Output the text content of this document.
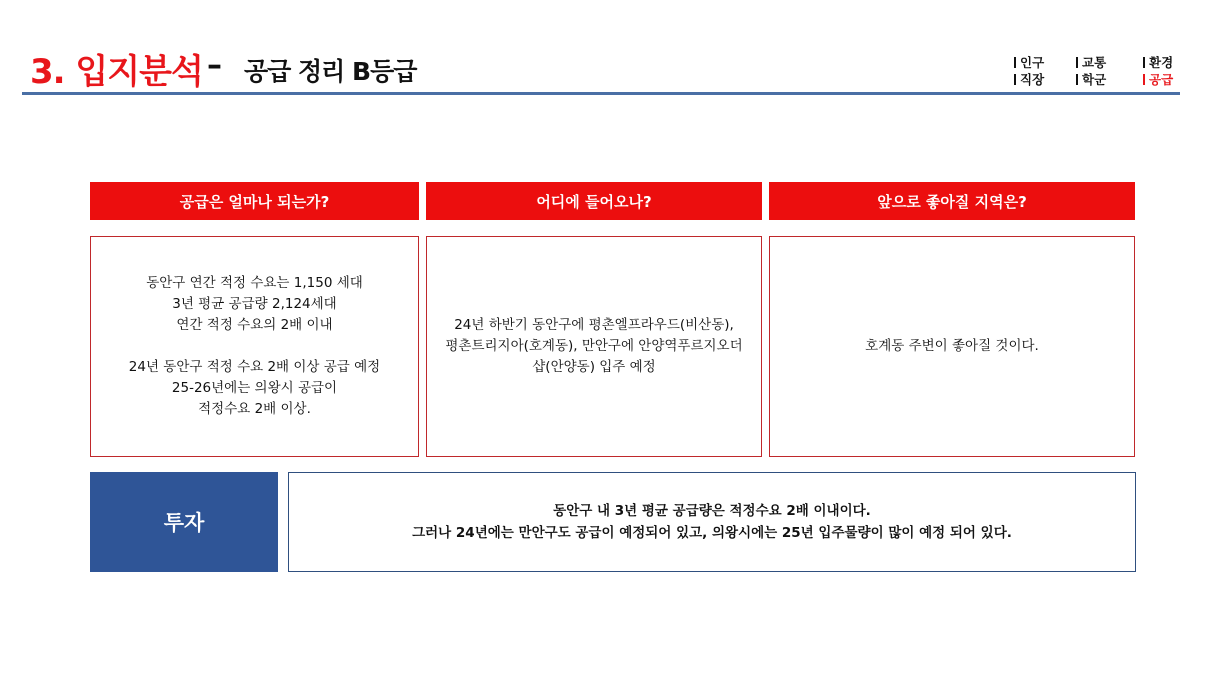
3. 입지분석 – 공급 정리 B등급	인구
직장
교통
학군
환경
공급
공급은 얼마나 되는가?	어디에 들어오나?	앞으로 좋아질 지역은?
동안구 연간 적정 수요는 1,150 세대
3년 평균 공급량 2,124세대
연간 적정 수요의 2배 이내
24년 동안구 적정 수요 2배 이상 공급 예정
25-26년에는 의왕시 공급이
적정수요 2배 이상.
24년 하반기 동안구에 평촌엘프라우드(비산동),
평촌트리지아(호계동), 만안구에 안양역푸르지오더
샵(안양동) 입주 예정
호계동 주변이 좋아질 것이다.
투자	동안구 내 3년 평균 공급량은 적정수요 2배 이내이다.
그러나 24년에는 만안구도 공급이 예정되어 있고, 의왕시에는 25년 입주물량이 많이 예정 되어 있다.
